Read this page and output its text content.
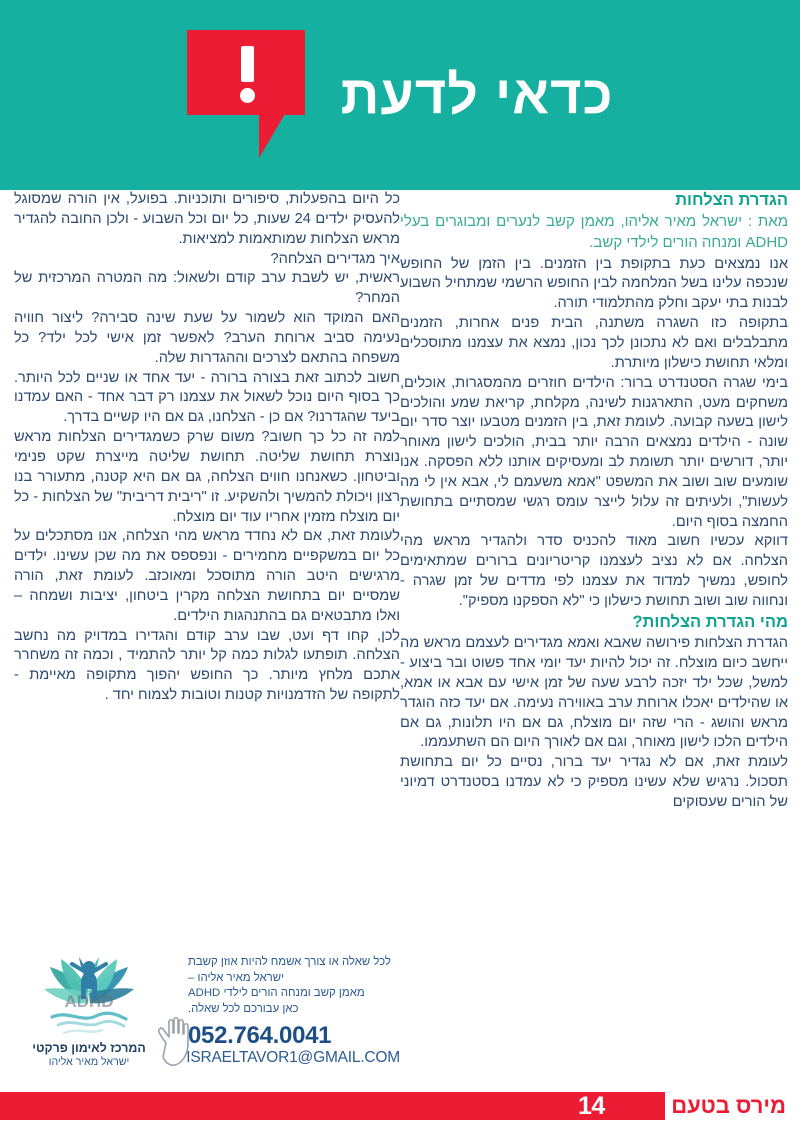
כדאי לדעת
הגדרת הצלחות
מאת : ישראל מאיר אליהו, מאמן קשב לנערים ומבוגרים בעלי ADHD ומנחה הורים לילדי קשב.
אנו נמצאים כעת בתקופת בין הזמנים. בין הזמן של החופש שנכפה עלינו בשל המלחמה לבין החופש הרשמי שמתחיל השבוע לבנות בתי יעקב וחלק מהתלמודי תורה.
בתקופה כזו השגרה משתנה, הבית פנים אחרות, הזמנים מתבלבלים ואם לא נתכונן לכך נכון, נמצא את עצמנו מתוסכלים ומלאי תחושת כישלון מיותרת.
בימי שגרה הסטנדרט ברור: הילדים חוזרים מהמסגרות, אוכלים, משחקים מעט, התארגנות לשינה, מקלחת, קריאת שמע והולכים לישון בשעה קבועה. לעומת זאת, בין הזמנים מטבעו יוצר סדר יום שונה - הילדים נמצאים הרבה יותר בבית, הולכים לישון מאוחר יותר, דורשים יותר תשומת לב ומעסיקים אותנו ללא הפסקה. אנו שומעים שוב ושוב את המשפט "אמא משעמם לי, אבא אין לי מה לעשות", ולעיתים זה עלול לייצר עומס רגשי שמסתיים בתחושת החמצה בסוף היום.
דווקא עכשיו חשוב מאוד להכניס סדר ולהגדיר מראש מהי הצלחה. אם לא נציב לעצמנו קריטריונים ברורים שמתאימים לחופש, נמשיך למדוד את עצמנו לפי מדדים של זמן שגרה - ונחווה שוב ושוב תחושת כישלון כי "לא הספקנו מספיק".
מהי הגדרת הצלחות?
הגדרת הצלחות פירושה שאבא ואמא מגדירים לעצמם מראש מה ייחשב כיום מוצלח. זה יכול להיות יעד יומי אחד פשוט ובר ביצוע - למשל, שכל ילד יזכה לרבע שעה של זמן אישי עם אבא או אמא, או שהילדים יאכלו ארוחת ערב באווירה נעימה. אם יעד כזה הוגדר מראש והושג - הרי שזה יום מוצלח, גם אם היו תלונות, גם אם הילדים הלכו לישון מאוחר, וגם אם לאורך היום הם השתעממו.
לעומת זאת, אם לא נגדיר יעד ברור, נסיים כל יום בתחושת תסכול. נרגיש שלא עשינו מספיק כי לא עמדנו בסטנדרט דמיוני של הורים שעסוקים
כל היום בהפעלות, סיפורים ותוכניות. בפועל, אין הורה שמסוגל להעסיק ילדים 24 שעות, כל יום וכל השבוע - ולכן החובה להגדיר מראש הצלחות שמותאמות למציאות.
איך מגדירים הצלחה?
ראשית, יש לשבת ערב קודם ולשאול: מה המטרה המרכזית של המחר?
האם המוקד הוא לשמור על שעת שינה סבירה? ליצור חוויה נעימה סביב ארוחת הערב? לאפשר זמן אישי לכל ילד? כל משפחה בהתאם לצרכים וההגדרות שלה.
חשוב לכתוב זאת בצורה ברורה - יעד אחד או שניים לכל היותר. כך בסוף היום נוכל לשאול את עצמנו רק דבר אחד - האם עמדנו ביעד שהגדרנו? אם כן - הצלחנו, גם אם היו קשיים בדרך.
למה זה כל כך חשוב? משום שרק כשמגדירים הצלחות מראש נוצרת תחושת שליטה. תחושת שליטה מייצרת שקט פנימי וביטחון. כשאנחנו חווים הצלחה, גם אם היא קטנה, מתעורר בנו רצון ויכולת להמשיך ולהשקיע. זו "ריבית דריבית" של הצלחות - כל יום מוצלח מזמין אחריו עוד יום מוצלח.
לעומת זאת, אם לא נחדד מראש מהי הצלחה, אנו מסתכלים על כל יום במשקפיים מחמירים - ונפספס את מה שכן עשינו. ילדים מרגישים היטב הורה מתוסכל ומאוכזב. לעומת זאת, הורה שמסיים יום בתחושת הצלחה מקרין ביטחון, יציבות ושמחה – ואלו מתבטאים גם בהתנהגות הילדים.
לכן, קחו דף ועט, שבו ערב קודם והגדירו במדויק מה נחשב הצלחה. תופתעו לגלות כמה קל יותר להתמיד , וכמה זה משחרר אתכם מלחץ מיותר. כך החופש יהפוך מתקופה מאיימת - לתקופה של הזדמנויות קטנות וטובות לצמוח יחד .
לכל שאלה או צורך אשמח להיות אוזן קשבת
ישראל מאיר אליהו –
מאמן קשב ומנחה הורים לילדי ADHD
כאן עבורכם לכל שאלה.
052.764.0041
ISRAELTAVOR1@GMAIL.COM
ADHD
המרכז לאימון פרקטי
ישראל מאיר אליהו
14	מירס בטעם
